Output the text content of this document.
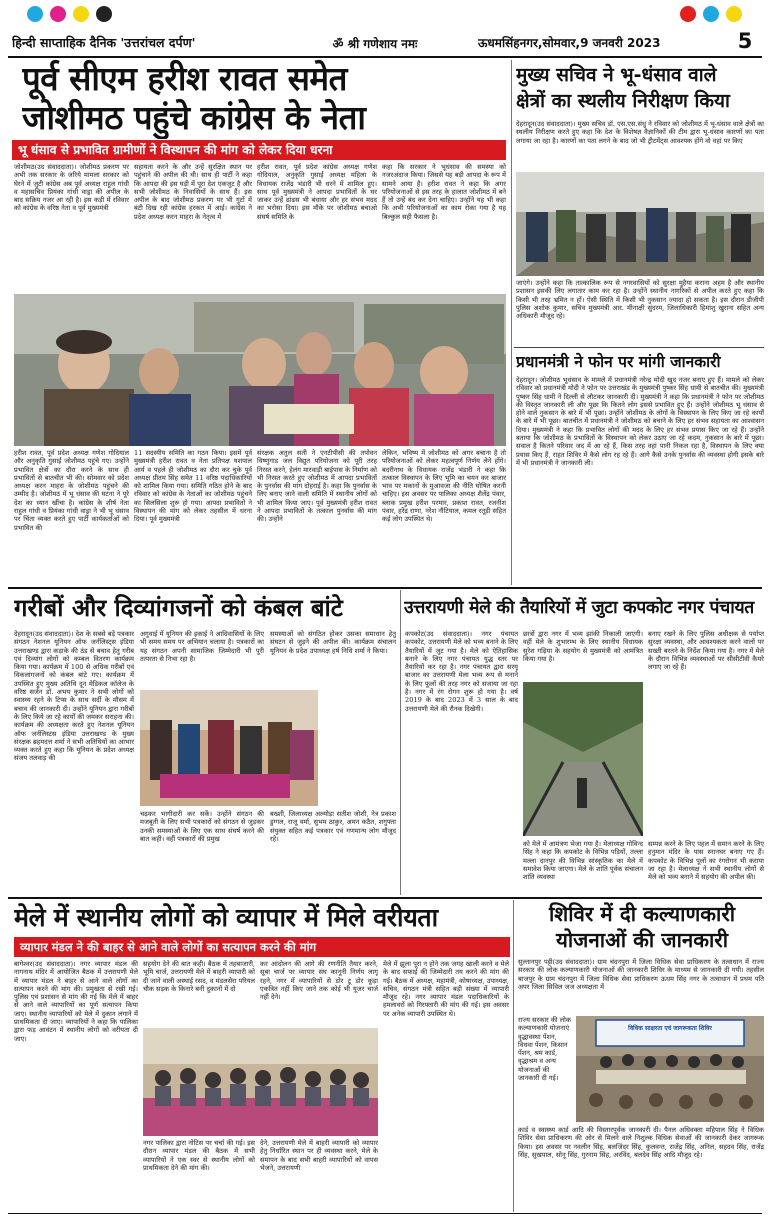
हिन्दी साप्ताहिक दैनिक 'उत्तरांचल दर्पण'	ॐ श्री गणेशाय नमः	ऊधमसिंहनगर,सोमवार,9 जनवरी 2023	5
पूर्व सीएम हरीश रावत समेत
जोशीमठ पहुंचे कांग्रेस के नेता
भू धंसाव से प्रभावित ग्रामीणों ने विस्थापन की मांग को लेकर दिया धरना
जोशीमठ(उद संवाददाता)। जोशीमठ प्रकरण पर अभी तक सरकार के जरिये मामला सरकार को घेरने में जुटी कांग्रेस अब पूर्व अध्यक्ष राहुल गांधी व महासचिव प्रियंका गांधी वाड्रा की अपील के बाद सक्रिय नजर आ रही है। इस कड़ी में रविवार को कांग्रेस के वरिष्ठ नेता व पूर्व मुख्यमंत्री
सहायता करने के और उन्हें सुरक्षित स्थान पर पहुंचाने की अपील की थी। साथ ही पार्टी ने कहा कि आपदा की इस घड़ी में पूरा देश एकजुट है और सभी जोशीमठ के निवासियों के साथ हैं। इस अपील के बाद जोशीमठ प्रकरण पर भी गुटों में बंटी दिख रही कांग्रेस हरकत में आई। कांग्रेस ने प्रदेश अध्यक्ष करन माहरा के नेतृत्व में
हरीश रावत, पूर्व प्रदेश कांग्रेस अध्यक्ष गणेश गोदियाल, अनुकृति गुसाईं अध्यक्ष महिला के विधायक राजेंद्र भंडारी भी धरने में शामिल हुए। साथ पूर्व मुख्यमंत्री ने आपदा प्रभावितों के घर जाकर उन्हें ढांढस भी बंधाया और हर संभव मदद का भरोसा दिया। इस मौके पर जोशीमठ बचाओ संघर्ष समिति के
कहा कि सरकार ने भूधंसाव की समस्या को नजरअंदाज किया। जिससे यह बड़ी आपदा के रूप में सामने आया है। हरीश रावत ने कहा कि अगर परियोजनाओं से इस तरह के हालात जोशीमठ में बने हैं तो उन्हें बंद कर देना चाहिए। उन्होंने यह भी कहा कि अभी परियोजनाओं का काम रोका गया है यह बिल्कुल सही फैसला है।
हरीश रावत, पूर्व प्रदेश अध्यक्ष गणेश गोदियाल और अनुकृति गुसाईं जोशीमठ पहुंचे गए। उन्होंने प्रभावित क्षेत्रों का दौरा करने के साथ ही प्रभावितों से बातचीत भी की। सोमवार को प्रदेश अध्यक्ष करन माहरा के जोशीमठ पहुंचने की उम्मीद है। जोशीमठ में भू धंसाव की घटना ने पूरे देश का ध्यान खींचा है। कांग्रेस के शीर्ष नेता राहुल गांधी व प्रियंका गांधी वाड्रा ने भी भू धंसाव पर चिंता व्यक्त करते हुए पार्टी कार्यकर्ताओं को प्रभावित की
11 सदस्यीय समिति का गठन किया। इसमें पूर्व मुख्यमंत्री हरीश रावत व नेता प्रतिपक्ष यशपाल आर्य व पहले ही जोशीमठ का दौरा कर चुके पूर्व अध्यक्ष प्रीतम सिंह समेत 11 वरिष्ठ पदाधिकारियों को शामिल किया गया। समिति गठित होने के बाद रविवार को कांग्रेस के नेताओं का जोशीमठ पहुंचने का सिलसिला शुरू हो गया। आपदा प्रभावितों ने विस्थापन की मांग को लेकर तहसील में धरना दिया। पूर्व मुख्यमंत्री
संरक्षक अतुल सती ने एनटीपीसी की तपोवन विष्णुगाड जल विद्युत परियोजना को पूरी तरह निरस्त करने, हेलंग मारवाड़ी बाईपास के निर्माण को भी निरस्त करते हुए जोशीमठ में आपदा प्रभावितों के पुनर्वास की मांग दोहराई है। कहा कि पुनर्वास के लिए बनाए जाने वाली समिति में स्थानीय लोगों को भी शामिल किया जाए। पूर्व मुख्यमंत्री हरीश रावत ने आपदा प्रभावितों के तत्काल पुनर्वास की मांग की। उन्होंने
लेकिन, भविष्य में जोशीमठ को अगर बचाना है तो परियोजनाओं को लेकर महत्वपूर्ण निर्णय लेने होंगे। बदरीनाथ के विधायक राजेंद्र भंडारी ने कहा कि तत्काल विस्थापन के लिए भूमि का चयन कर बाजार भाव पर मकानों के मुआवजा की नीति घोषित करनी चाहिए। इस अवसर पर पालिका अध्यक्ष शैलेंद्र पंवार, ब्लाक प्रमुख हरीश परमार, प्रकाश रावत, रजनीश पंवार, हरेंद्र राणा, नरेश नौटियाल, कमल रतूड़ी सहित कई लोग उपस्थित थे।
मुख्य सचिव ने भू-धंसाव वाले
क्षेत्रों का स्थलीय निरीक्षण किया
देहरादून(उद संवाददाता)। मुख्य सचिव डॉ. एस.एस.संधु ने रविवार को जोशीमठ में भू-धंसाव वाले क्षेत्रों का स्थलीय निरीक्षण करते हुए कहा कि देश के विशेषज्ञ वैज्ञानिकों की टीम द्वारा भू-धंसाव कारणों का पता लगाया जा रहा है। कारणों का पता लगने के बाद जो भी ट्रीटमेंट्स आवश्यक होंगे वो वहां पर किए
जाएंगे। उन्होंने कहा कि तात्कालिक रूप से नगरवासियों को सुरक्षा मुहैया कराना अहम है और स्थानीय प्रशासन इसकी लिए लगातार काम कर रहा है। उन्होंने स्थानीय नागरिकों से अपील करते हुए कहा कि किसी भी तरह भ्रमित न हों। ऐसी स्थिति में किसी भी नुकसान ज्यादा हो सकता है। इस दौरान डीजीपी पुलिस अशोक कुमार, सचिव मुख्यमंत्री आर. मीनाक्षी सुंदरम, जिलाधिकारी हिमांशु खुराना सहित अन्य अधिकारी मौजूद रहे।
प्रधानमंत्री ने फोन पर मांगी जानकारी
देहरादून। जोशीमठ भूधंसाव के मामले में प्रधानमंत्री नरेन्द्र मोदी खुद नजर बनाए हुए हैं। मामले को लेकर रविवार को प्रधानमंत्री मोदी ने फोन पर उत्तराखंड के मुख्यमंत्री पुष्कर सिंह धामी से बातचीत की। मुख्यमंत्री पुष्कर सिंह धामी ने दिल्ली से लौटकर जानकारी दी। मुख्यमंत्री ने कहा कि प्रधानमंत्री ने फोन पर जोशीमठ की विस्तृत जानकारी ली और पूछा कि कितने लोग इससे प्रभावित हुए हैं। उन्होंने जोशीमठ भू धंसाव से होने वाले नुकसान के बारे में भी पूछा। उन्होंने जोशीमठ के लोगों के विस्थापन के लिए किए जा रहे कार्यों के बारे में भी पूछा। बातचीत में प्रधानमंत्री ने जोशीमठ को बचाने के लिए हर संभव सहायता का आश्वासन दिया। मुख्यमंत्री ने कहा कि प्रभावित लोगों की मदद के लिए हर संभव प्रयास किए जा रहे हैं। उन्होंने बताया कि जोशीमठ के प्रभावितों के विस्थापन को लेकर उठाए जा रहे कदम, नुकसान के बारे में पूछा। सवाल है कितने परिवार जद में आ रहे हैं, किस तरह वहां पानी निकल रहा है, विस्थापन के लिए क्या प्रयास किए हैं, राहत शिविर में कैसे लोग रह रहे हैं। आगे कैसे उनके पुनर्वास की व्यवस्था होगी इसके बारे में भी प्रधानमंत्री ने जानकारी ली।
गरीबों और दिव्यांगजनों को कंबल बांटे
देहरादून(उद संवाददाता)। देश के सबसे बड़े पत्रकार संगठन नेशनल यूनियन ऑफ जर्नलिस्ट्स इंडिया उत्तराखण्ड द्वारा कड़ाके की ठंड से बचाव हेतु गरीब एवं दिव्यांग लोगों को कम्बल वितरण कार्यक्रम किया गया। कार्यक्रम में 100 से अधिक गरीबों एवं विकलांगजनों को कंबल बांटे गए। कार्यक्रम में उपस्थित हुए मुख्य अतिथि दून मेडिकल कॉलेज के वरिष्ठ सर्जन डॉ. अभय कुमार ने सभी लोगों को स्वास्थ्य रहने के टिप्स के साथ सर्दी के मौसम में बचाव की जानकारी दी। उन्होंने यूनियन द्वारा गरीबों के लिए किये जा रहे कार्यों की जमकर सराहना की। कार्यक्रम की अध्यक्षता करते हुए नेशनल यूनियन ऑफ जर्नलिस्टस इंडिया उत्तराखण्ड के मुख्य संरक्षक ब्रहमदत्त शर्मा ने सभी अतिथियों का आभार व्यक्त करते हुए कहा कि यूनियन के प्रदेश अध्यक्ष संजय तलवाड़ की
अगुवाई में यूनियन की इकाई ने आदिवासियों के लिए भी समय समय पर अभियान चलाया है। पत्रकारों का यह संगठन अपनी सामाजिक जिम्मेदारी भी पूरी तत्परता से निभा रहा है।
समस्याओं को संगठित होकर उसका समाधान हेतु संघटन से जुड़ने की अपील की। कार्यक्रम संचालन यूनियन के प्रदेश उपाध्यक्ष हर्ष निधि शर्मा ने किया।
चढ़कर भागीदारी कर सकें। उन्होंने संगठन की मजबूती के लिए सभी पत्रकारों को संगठन से जुड़कर उनकी समस्याओं के लिए एक साथ संघर्ष करने की बात कही। वहीं पत्रकारों की प्रमुख
बख्शी, जिलाध्यक्ष अल्मोड़ा सतीश जोशी, नेत्र प्रकाश डुग्गल, राजू वर्मा, सुभम ठाकुर, अमन कठैत, शगुफ्ता संयुक्त सहित कई पत्रकार एवं गणमान्य लोग मौजूद रहे।
उत्तरायणी मेले की तैयारियों में जुटा कपकोट नगर पंचायत
कपकोट(उद संवाददाता)। नगर पंचायत कपकोट, उत्तरायणी मेले को भव्य बनाने के लिए तैयारियों में जुट गया है। मेले को ऐतिहासिक बनाने के लिए नगर पंचायत युद्ध स्तर पर तैयारियों कर रहा है। नगर पंचायत द्वारा सरयू बाजार का उत्तरायणी मेला भव्य रूप से मनाने के लिए फूलों की तरह नगर को सजाया जा रहा है। नगर में रंग रोगन शुरू हो गया है। वर्ष 2019 के बाद 2023 में 3 साल के बाद उत्तरायणी मेले की रौनक दिखेगी।
छात्रों द्वारा नगर में भव्य झांकी निकाली जाएगी। वहीं मेले के शुभारम्भ के लिए स्थानीय विधायक सुरेश गढ़िया के सहयोग से मुख्यमंत्री को आमंत्रित किया गया है।
बनाए रखने के लिए पुलिस अधीक्षक से पर्याप्त सुरक्षा व्यवस्था, और आवश्यकता करने वालों पर सख्ती बरतने के निर्देश किया गया है। नगर में मेले के दौरान विभिन्न व्यवस्थाओं पर सीसीटीवी कैमरे लगाए जा रहे हैं।
को मेले में आमंत्रण भेजा गया है। मेलाध्यक्ष गोविन्द सिंह ने कहा कि कपकोट के विभिन्न पड़ियों, तल्ला मल्ला दानपुर की विभिन्न सांस्कृतिक का मेले में समावेश किया जाएगा। मेले के शांति पूर्वक संचालन शांति व्यवस्था
सम्पन्न करने के लिए पहल में समान करने के लिए हनुमान मंदिर के पास स्नानघर बनाए गए हैं। कपकोट के विभिन्न पूलों का रंगरोगन भी कराया जा रहा है। मेलाध्यक्ष ने सभी स्थानीय लोगों से मेले को भव्य बनाने में सहयोग की अपील की।
मेले में स्थानीय लोगों को व्यापार में मिले वरीयता
व्यापार मंडल ने की बाहर से आने वाले लोगों का सत्यापन करने की मांग
बागेश्वर(उद संवाददाता)। नगर व्यापार मंडल की नागनाथ मंदिर में आयोजित बैठक में उत्तरायणी मेले में व्यापार मंडल ने बाहर से आने वाले लोगों का सत्यापन करने की मांग की। प्रमुखता से रखी गई। पुलिस एवं प्रशासन से मांग की गई कि मेले में बाहर से आने वाले व्यापारियों का पूर्ण सत्यापन किया जाए। स्थानीय व्यापारियों को मेले में दुकान लगाने में प्राथमिकता दी जाए। व्यापारियों ने कहा कि पालिका द्वारा फड़ आवंटन में स्थानीय लोगों को वरीयता दी जाए।
सहयोग देने की बात कही। बैठक में तहबाजारी, भूमि चार्ज, उत्तरायणी मेले में बाहरी व्यापारी को दी जाने वाली अस्थाई रसद, व मंडलसेरा परियल चौक सड़क के किनारे बनी दुकानों में दो
कर आंदोलन की आगे की रणनीति तैयार करने, सूबा चार्ज पर व्यापार संघ कानूनी निर्णय लागू रहने, नगर में व्यापारियों से डोर टू डोर कूड़ा एकत्रित नहीं किए जाने तक कोई भी यूजर चार्ज नहीं देने।
नगर पालिका द्वारा नोटिस पर चर्चा की गई। इस दौरान व्यापार मंडल की बैठक में सभी व्यापारियों ने एक स्वर से स्थानीय लोगों को प्राथमिकता देने की मांग की।
देने, उत्तरायणी मेले में बाहरी व्यापारी को व्यापार हेतु निर्धारित स्थान पर ही व्यवस्था करने, मेले के समापन के बाद सभी बाहरी व्यापारियों को वापस भेजने, उत्तरायणी
मेले में झूला पूरा न होने तक जगह खाली करने व मेले के बाद सफाई की जिम्मेदारी तय करने की मांग की गई। बैठक में अध्यक्ष, महामंत्री, कोषाध्यक्ष, उपाध्यक्ष, सचिव, संगठन मंत्री सहित बड़ी संख्या में व्यापारी मौजूद रहे। नगर व्यापार मंडल पदाधिकारियों के हमलावरों को गिरफ्तारी की मांग की गई। इस अवसर पर अनेक व्यापारी उपस्थित थे।
शिविर में दी कल्याणकारी
योजनाओं की जानकारी
सुल्तानपुर पट्टी(उद संवाददाता)। ग्राम चंदनपुरा में जिला विधिक सेवा प्राधिकरण के तत्वाधान में राज्य सरकार की लोक कल्याणकारी योजनाओं की जानकारी शिविर के माध्यम से जानकारी दी गयी। तहसील बाजपुर के ग्राम चंदनपुरा में जिला विधिक सेवा प्राधिकरण ऊधम सिंह नगर के तत्वाधान में प्रथम पति अपर जिला सिविल जज अध्यक्षता में
राज्य सरकार की लोक कल्याणकारी योजनाएं वृद्धावस्था पेंशन, विधवा पेंशन, किसान पेंशन, श्रम कार्ड, वृद्धाश्रम व अन्य योजनाओं की जानकारी दी गई।
विधिक साक्षरता एवं जागरूकता शिविर
कार्ड व स्वास्थ्य कार्ड आदि की विस्तारपूर्वक जानकारी दी। पैनल अधिवक्ता महिपाल सिंह ने विधिक शिविर सेवा प्राधिकरण की ओर से मिलने वाले निशुल्क विधिक सेवाओं की जानकारी देकर जागरूक किया। इस अवसर पर नवलीन सिंह, बलजिंदर सिंह, कुलवन्त, राजेंद्र सिंह, अनिल, सहदव सिंह, राजेंद्र सिंह, सुखपाल, सोनू सिंह, गुरनाम सिंह, अरविंद, बलदेव सिंह आदि मौजूद रहे।
